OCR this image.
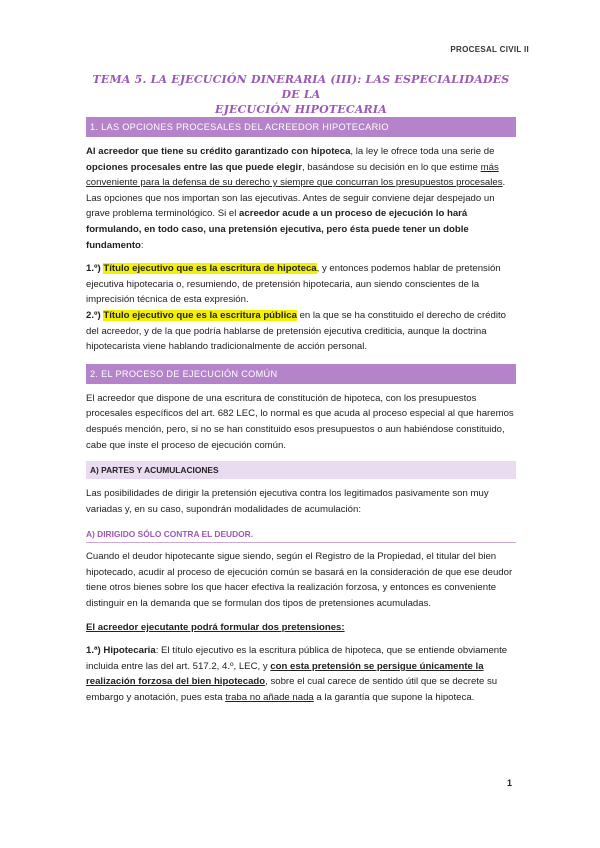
PROCESAL CIVIL II
TEMA 5. LA EJECUCIÓN DINERARIA (III): LAS ESPECIALIDADES DE LA
EJECUCIÓN HIPOTECARIA
1. LAS OPCIONES PROCESALES DEL ACREEDOR HIPOTECARIO

Al acreedor que tiene su crédito garantizado con hipoteca, la ley le ofrece toda una serie de opciones procesales entre las que puede elegir, basándose su decisión en lo que estime más conveniente para la defensa de su derecho y siempre que concurran los presupuestos procesales. Las opciones que nos importan son las ejecutivas. Antes de seguir conviene dejar despejado un grave problema terminológico. Si el acreedor acude a un proceso de ejecución lo hará formulando, en todo caso, una pretensión ejecutiva, pero ésta puede tener un doble fundamento:

1.º) Título ejecutivo que es la escritura de hipoteca, y entonces podemos hablar de pretensión ejecutiva hipotecaria o, resumiendo, de pretensión hipotecaria, aun siendo conscientes de la imprecisión técnica de esta expresión.

2.º) Título ejecutivo que es la escritura pública en la que se ha constituido el derecho de crédito del acreedor, y de la que podría hablarse de pretensión ejecutiva crediticia, aunque la doctrina hipotecarista viene hablando tradicionalmente de acción personal.

2. EL PROCESO DE EJECUCIÓN COMÚN

El acreedor que dispone de una escritura de constitución de hipoteca, con los presupuestos procesales específicos del art. 682 LEC, lo normal es que acuda al proceso especial al que haremos después mención, pero, si no se han constituido esos presupuestos o aun habiéndose constituido, cabe que inste el proceso de ejecución común.

A) PARTES Y ACUMULACIONES

Las posibilidades de dirigir la pretensión ejecutiva contra los legitimados pasivamente son muy variadas y, en su caso, supondrán modalidades de acumulación:

A) DIRIGIDO SÓLO CONTRA EL DEUDOR.

Cuando el deudor hipotecante sigue siendo, según el Registro de la Propiedad, el titular del bien hipotecado, acudir al proceso de ejecución común se basará en la consideración de que ese deudor tiene otros bienes sobre los que hacer efectiva la realización forzosa, y entonces es conveniente distinguir en la demanda que se formulan dos tipos de pretensiones acumuladas.

El acreedor ejecutante podrá formular dos pretensiones:

1.ª) Hipotecaria: El título ejecutivo es la escritura pública de hipoteca, que se entiende obviamente incluida entre las del art. 517.2, 4.º, LEC, y con esta pretensión se persigue únicamente la realización forzosa del bien hipotecado, sobre el cual carece de sentido útil que se decrete su embargo y anotación, pues esta traba no añade nada a la garantía que supone la hipoteca.

1
